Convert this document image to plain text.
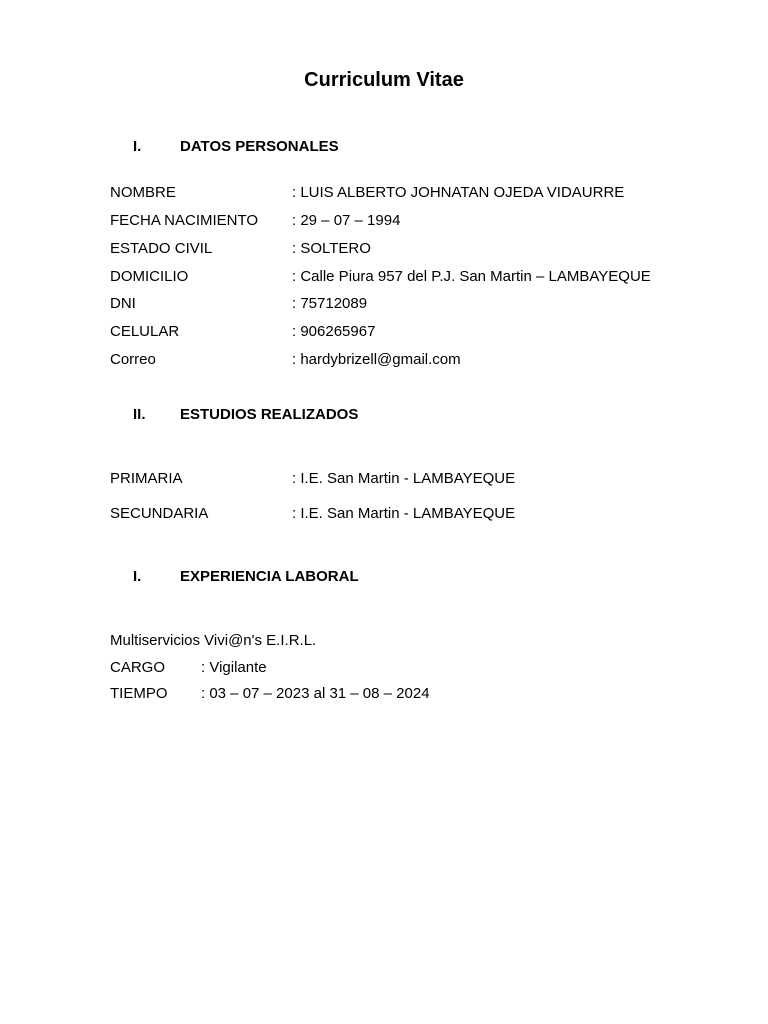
Curriculum Vitae
I.	DATOS PERSONALES
NOMBRE	: LUIS ALBERTO JOHNATAN OJEDA VIDAURRE
FECHA NACIMIENTO : 29 – 07 – 1994
ESTADO CIVIL	: SOLTERO
DOMICILIO	: Calle Piura 957 del P.J. San Martin – LAMBAYEQUE
DNI	: 75712089
CELULAR	: 906265967
Correo	: hardybrizell@gmail.com
II. ESTUDIOS REALIZADOS
PRIMARIA	: I.E. San Martin - LAMBAYEQUE
SECUNDARIA	: I.E. San Martin - LAMBAYEQUE
I.	EXPERIENCIA LABORAL
Multiservicios Vivi@n's E.I.R.L.
CARGO : Vigilante
TIEMPO : 03 – 07 – 2023 al 31 – 08 – 2024
